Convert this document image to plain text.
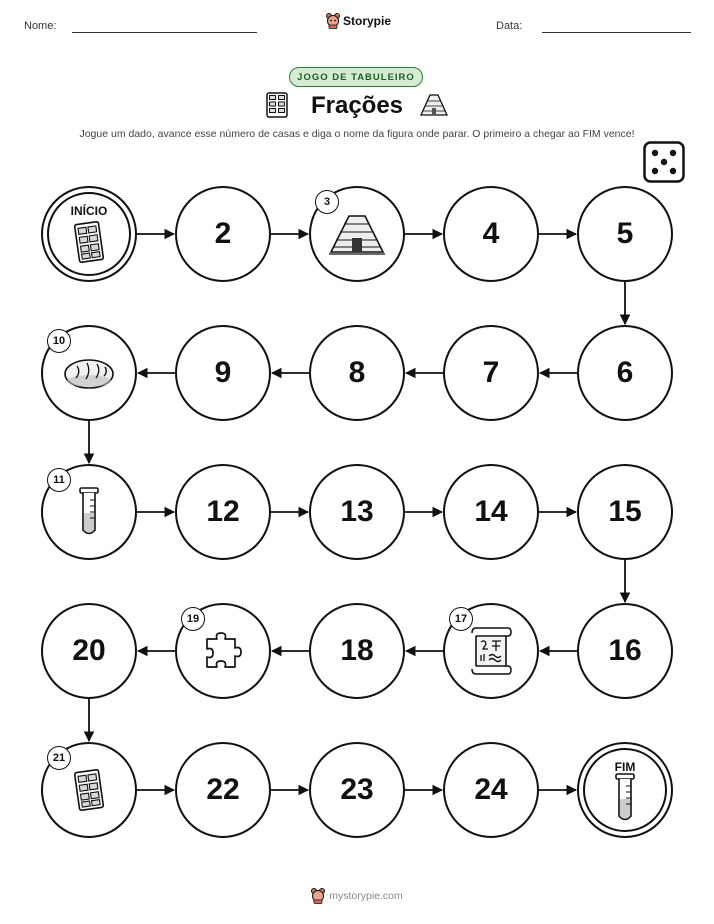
Nome:	Storypie	Data:
JOGO DE TABULEIRO
Frações
Jogue um dado, avance esse número de casas e diga o nome da figura onde parar. O primeiro a chegar ao FIM vence!
INÍCIO
2
3
4	5
6
7
8
9
10
11
12	13	14	15
16
17
18
19
20
21
22	23	24
FIM
mystorypie.com
